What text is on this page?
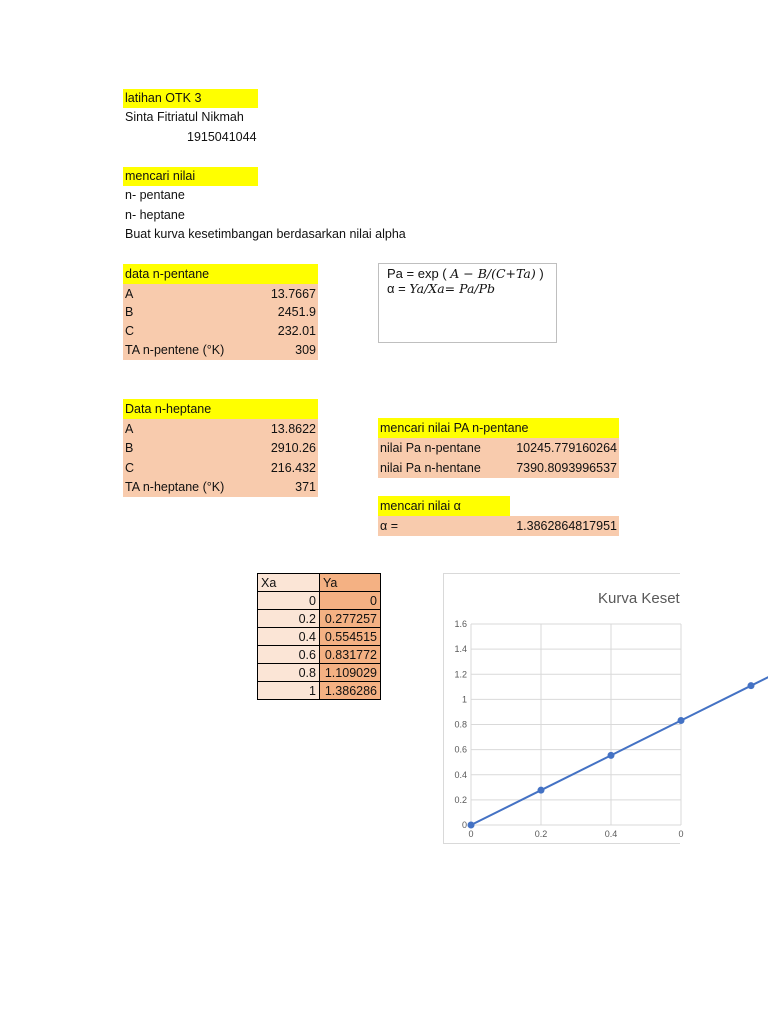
latihan OTK 3
Sinta Fitriatul Nikmah
1915041044
mencari nilai
n- pentane
n- heptane
Buat kurva kesetimbangan berdasarkan nilai alpha
data n-pentane
A	13.7667
B	2451.9
C	232.01
TA n-pentene (°K)	309
Pa = exp ( A − B/(C+Ta) )
α = Ya/Xa= Pa/Pb
Data n-heptane
A	13.8622
B	2910.26
C	216.432
TA n-heptane (°K)	371
mencari nilai PA n-pentane
nilai Pa n-pentane	10245.779160264
nilai Pa n-hentane	7390.8093996537
mencari nilai α
α =	1.3862864817951
Xa	Ya
0	0
0.2	0.277257
0.4	0.554515
0.6	0.831772
0.8	1.109029
1	1.386286
Kurva Keset
0
0.2
0.4
0.6
0.8
1
1.2
1.4
1.6
0	0.2	0.4	0
